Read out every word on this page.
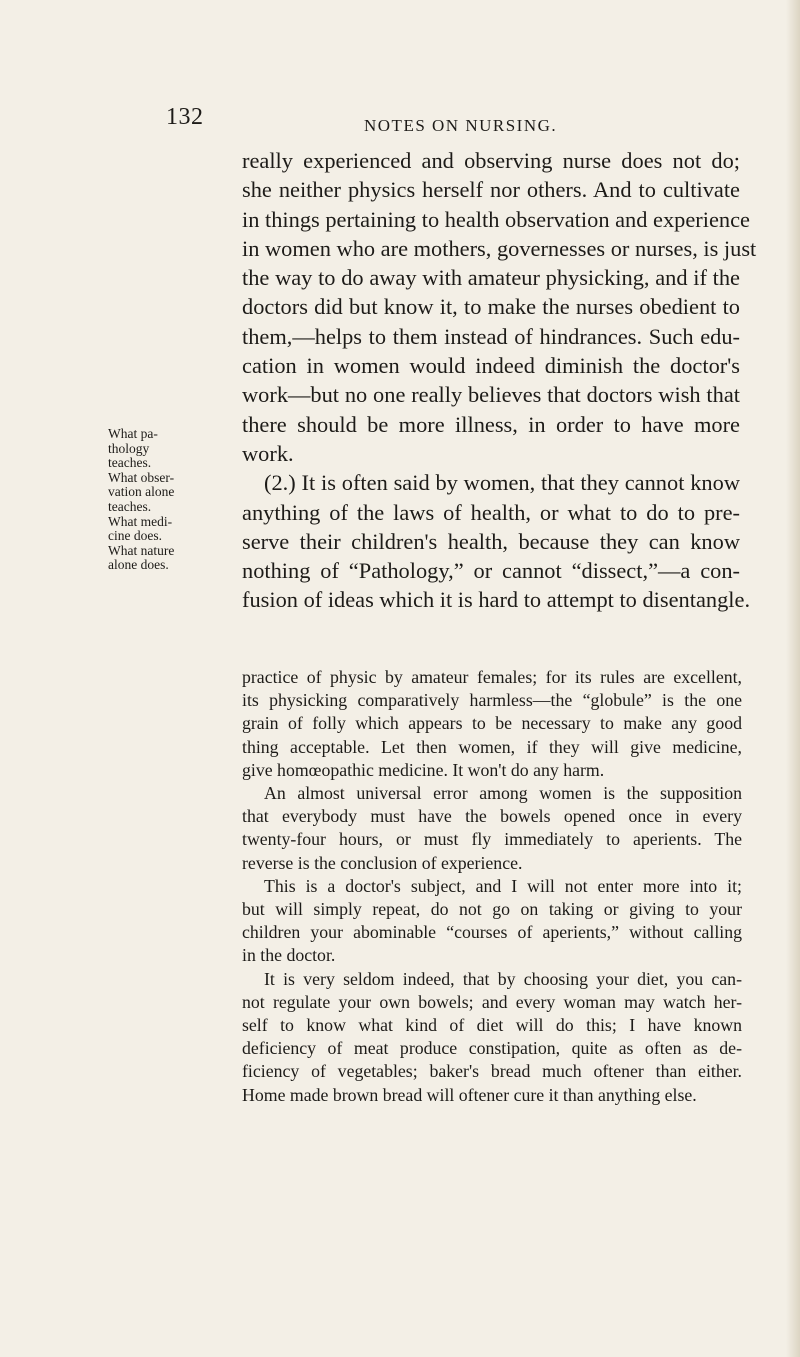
132	NOTES ON NURSING.
really experienced and observing nurse does not do;
she neither physics herself nor others. And to cultivate
in things pertaining to health observation and experience
in women who are mothers, governesses or nurses, is just
the way to do away with amateur physicking, and if the
doctors did but know it, to make the nurses obedient to
them,—helps to them instead of hindrances. Such edu-
cation in women would indeed diminish the doctor's
work—but no one really believes that doctors wish that
there should be more illness, in order to have more
work.
(2.) It is often said by women, that they cannot know
anything of the laws of health, or what to do to pre-
serve their children's health, because they can know
nothing of “Pathology,” or cannot “dissect,”—a con-
fusion of ideas which it is hard to attempt to disentangle.
What pa-
thology
teaches.
What obser-
vation alone
teaches.
What medi-
cine does.
What nature
alone does.
practice of physic by amateur females; for its rules are excellent,
its physicking comparatively harmless—the “globule” is the one
grain of folly which appears to be necessary to make any good
thing acceptable. Let then women, if they will give medicine,
give homœopathic medicine. It won't do any harm.
An almost universal error among women is the supposition
that everybody must have the bowels opened once in every
twenty-four hours, or must fly immediately to aperients. The
reverse is the conclusion of experience.
This is a doctor's subject, and I will not enter more into it;
but will simply repeat, do not go on taking or giving to your
children your abominable “courses of aperients,” without calling
in the doctor.
It is very seldom indeed, that by choosing your diet, you can-
not regulate your own bowels; and every woman may watch her-
self to know what kind of diet will do this; I have known
deficiency of meat produce constipation, quite as often as de-
ficiency of vegetables; baker's bread much oftener than either.
Home made brown bread will oftener cure it than anything else.
